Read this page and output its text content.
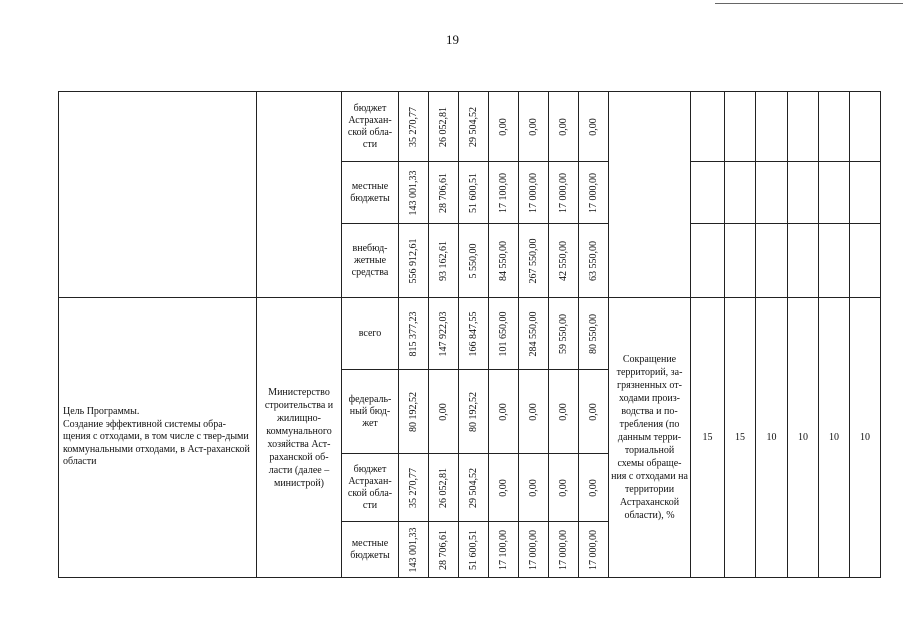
19
		бюджет Астрахан-ской обла-сти	35 270,77	26 052,81	29 504,52	0,00	0,00	0,00	0,00							

		местные бюджеты	143 001,33	28 706,61	51 600,51	17 100,00	17 000,00	17 000,00	17 000,00							

		внебюд-жетные средства	556 912,61	93 162,61	5 550,00	84 550,00	267 550,00	42 550,00	63 550,00							

Цель Программы.
Создание эффективной системы обра-щения с отходами, в том числе с твер-дыми коммунальными отходами, в Аст-раханской области	Министерство строительства и жилищно-коммунального хозяйства Аст-раханской об-ласти (далее – министрой)	всего	815 377,23	147 922,03	166 847,55	101 650,00	284 550,00	59 550,00	80 550,00	Сокращение территорий, за-грязненных от-ходами произ-водства и по-требления (по данным терри-ториальной схемы обраще-ния с отходами на территории Астраханской области), %	15	15	10	10	10	10
		федераль-ный бюд-жет	80 192,52	0,00	80 192,52	0,00	0,00	0,00	0,00							

		бюджет Астрахан-ской обла-сти	35 270,77	26 052,81	29 504,52	0,00	0,00	0,00	0,00							

		местные бюджеты	143 001,33	28 706,61	51 600,51	17 100,00	17 000,00	17 000,00	17 000,00							
